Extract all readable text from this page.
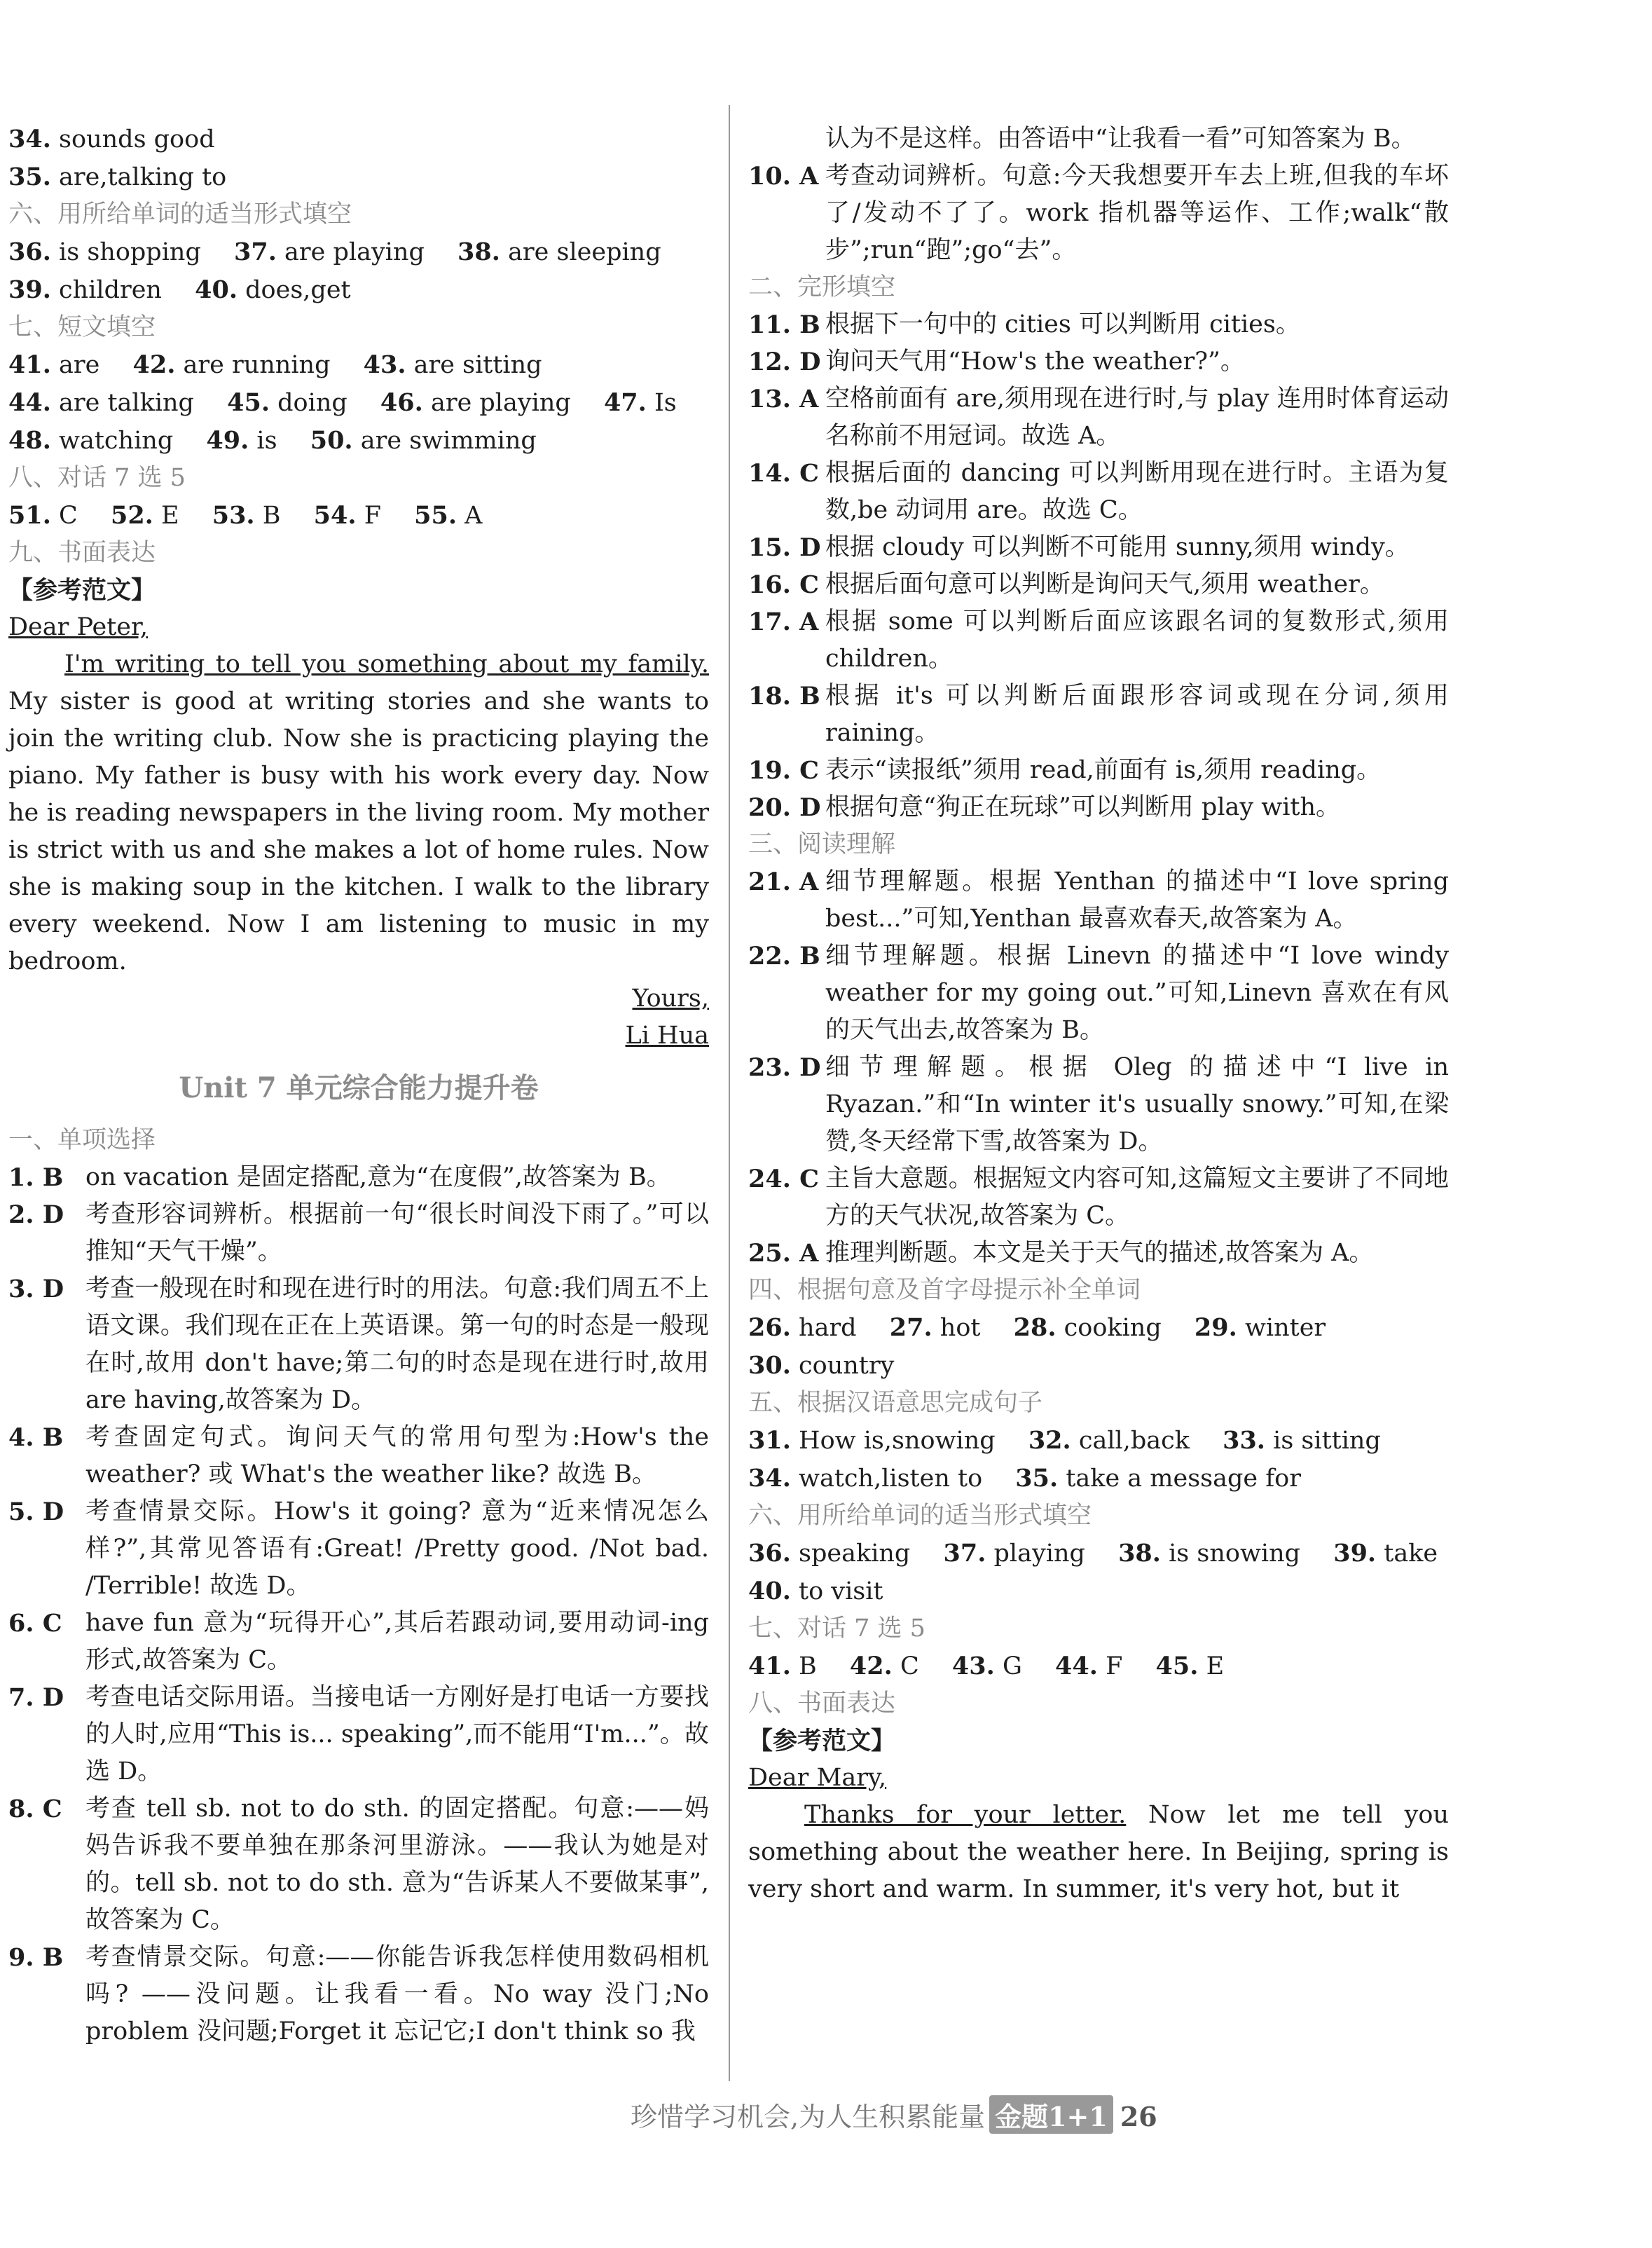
34. sounds good
35. are,talking to
六、用所给单词的适当形式填空
36. is shopping 37. are playing 38. are sleeping
39. children 40. does,get
七、短文填空
41. are 42. are running 43. are sitting
44. are talking 45. doing 46. are playing 47. Is
48. watching 49. is 50. are swimming
八、对话 7 选 5
51. C 52. E 53. B 54. F 55. A
九、书面表达
【参考范文】
Dear Peter,
I'm writing to tell you something about my family. My sister is good at writing stories and she wants to join the writing club. Now she is practicing playing the piano. My father is busy with his work every day. Now he is reading newspapers in the living room. My mother is strict with us and she makes a lot of home rules. Now she is making soup in the kitchen. I walk to the library every weekend. Now I am listening to music in my bedroom.
Yours,
Li Hua
Unit 7 单元综合能力提升卷
一、单项选择
1. B on vacation 是固定搭配,意为“在度假”,故答案为 B。
2. D 考查形容词辨析。根据前一句“很长时间没下雨了。”可以推知“天气干燥”。
3. D 考查一般现在时和现在进行时的用法。句意:我们周五不上语文课。我们现在正在上英语课。第一句的时态是一般现在时,故用 don't have;第二句的时态是现在进行时,故用 are having,故答案为 D。
4. B 考查固定句式。询问天气的常用句型为:How's the weather? 或 What's the weather like? 故选 B。
5. D 考查情景交际。How's it going? 意为“近来情况怎么样?”,其常见答语有:Great! /Pretty good. /Not bad. /Terrible! 故选 D。
6. C have fun 意为“玩得开心”,其后若跟动词,要用动词-ing 形式,故答案为 C。
7. D 考查电话交际用语。当接电话一方刚好是打电话一方要找的人时,应用“This is... speaking”,而不能用“I'm...”。故选 D。
8. C 考查 tell sb. not to do sth. 的固定搭配。句意:——妈妈告诉我不要单独在那条河里游泳。——我认为她是对的。tell sb. not to do sth. 意为“告诉某人不要做某事”,故答案为 C。
9. B 考查情景交际。句意:——你能告诉我怎样使用数码相机吗? ——没问题。让我看一看。No way 没门;No problem 没问题;Forget it 忘记它;I don't think so 我
认为不是这样。由答语中“让我看一看”可知答案为 B。
10. A 考查动词辨析。句意:今天我想要开车去上班,但我的车坏了/发动不了了。work 指机器等运作、工作;walk“散步”;run“跑”;go“去”。
二、完形填空
11. B 根据下一句中的 cities 可以判断用 cities。
12. D 询问天气用“How's the weather?”。
13. A 空格前面有 are,须用现在进行时,与 play 连用时体育运动名称前不用冠词。故选 A。
14. C 根据后面的 dancing 可以判断用现在进行时。主语为复数,be 动词用 are。故选 C。
15. D 根据 cloudy 可以判断不可能用 sunny,须用 windy。
16. C 根据后面句意可以判断是询问天气,须用 weather。
17. A 根据 some 可以判断后面应该跟名词的复数形式,须用 children。
18. B 根据 it's 可以判断后面跟形容词或现在分词,须用 raining。
19. C 表示“读报纸”须用 read,前面有 is,须用 reading。
20. D 根据句意“狗正在玩球”可以判断用 play with。
三、阅读理解
21. A 细节理解题。根据 Yenthan 的描述中“I love spring best...”可知,Yenthan 最喜欢春天,故答案为 A。
22. B 细节理解题。根据 Linevn 的描述中“I love windy weather for my going out.”可知,Linevn 喜欢在有风的天气出去,故答案为 B。
23. D 细节理解题。根据 Oleg 的描述中“I live in Ryazan.”和“In winter it's usually snowy.”可知,在梁赞,冬天经常下雪,故答案为 D。
24. C 主旨大意题。根据短文内容可知,这篇短文主要讲了不同地方的天气状况,故答案为 C。
25. A 推理判断题。本文是关于天气的描述,故答案为 A。
四、根据句意及首字母提示补全单词
26. hard 27. hot 28. cooking 29. winter
30. country
五、根据汉语意思完成句子
31. How is,snowing 32. call,back 33. is sitting
34. watch,listen to 35. take a message for
六、用所给单词的适当形式填空
36. speaking 37. playing 38. is snowing 39. take
40. to visit
七、对话 7 选 5
41. B 42. C 43. G 44. F 45. E
八、书面表达
【参考范文】
Dear Mary,
Thanks for your letter. Now let me tell you something about the weather here. In Beijing, spring is very short and warm. In summer, it's very hot, but it
珍惜学习机会,为人生积累能量 金题1+1 26
